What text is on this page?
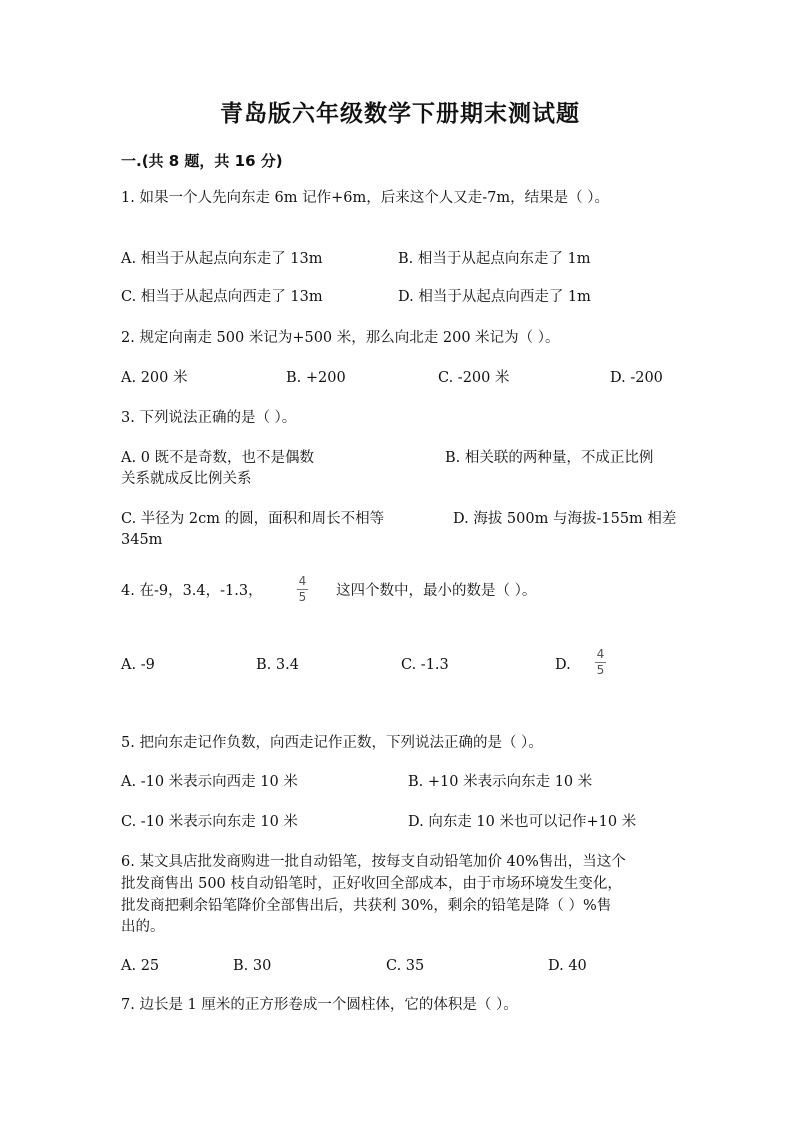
青岛版六年级数学下册期末测试题
一.(共 8 题，共 16 分)
1. 如果一个人先向东走 6m 记作+6m，后来这个人又走-7m，结果是（ ）。
A. 相当于从起点向东走了 13m	B. 相当于从起点向东走了 1m
C. 相当于从起点向西走了 13m	D. 相当于从起点向西走了 1m
2. 规定向南走 500 米记为+500 米，那么向北走 200 米记为（ ）。
A. 200 米	B. +200	C. -200 米	D. -200
3. 下列说法正确的是（ ）。
A. 0 既不是奇数，也不是偶数	B. 相关联的两种量，不成正比例
关系就成反比例关系
C. 半径为 2cm 的圆，面积和周长不相等	D. 海拔 500m 与海拔-155m 相差
345m
4. 在-9，3.4，-1.3，	$\frac{4}{5}$ 这四个数中，最小的数是（ ）。
A. -9	B. 3.4	C. -1.3	D. $\frac{4}{5}$
5. 把向东走记作负数，向西走记作正数，下列说法正确的是（ ）。
A. -10 米表示向西走 10 米	B. +10 米表示向东走 10 米
C. -10 米表示向东走 10 米	D. 向东走 10 米也可以记作+10 米
6. 某文具店批发商购进一批自动铅笔，按每支自动铅笔加价 40%售出，当这个
批发商售出 500 枝自动铅笔时，正好收回全部成本，由于市场环境发生变化，
批发商把剩余铅笔降价全部售出后，共获利 30%，剩余的铅笔是降（ ）%售
出的。
A. 25	B. 30	C. 35	D. 40
7. 边长是 1 厘米的正方形卷成一个圆柱体，它的体积是（ ）。
